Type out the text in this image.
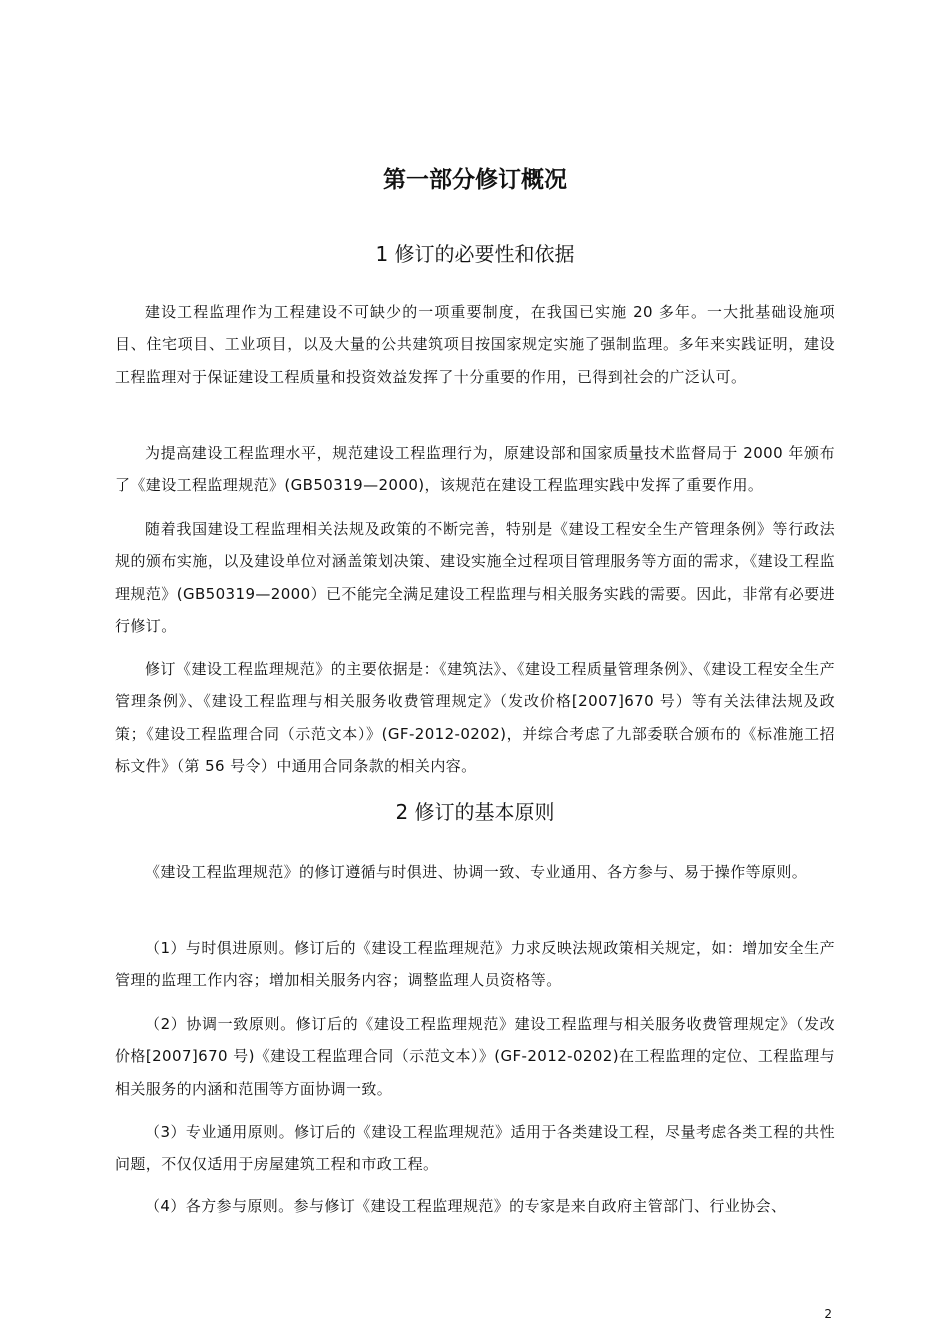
第一部分修订概况
1 修订的必要性和依据

建设工程监理作为工程建设不可缺少的一项重要制度，在我国已实施 20 多年。一大批基础设施项目、住宅项目、工业项目，以及大量的公共建筑项目按国家规定实施了强制监理。多年来实践证明，建设工程监理对于保证建设工程质量和投资效益发挥了十分重要的作用，已得到社会的广泛认可。

为提高建设工程监理水平，规范建设工程监理行为，原建设部和国家质量技术监督局于 2000 年颁布了《建设工程监理规范》(GB50319—2000)，该规范在建设工程监理实践中发挥了重要作用。

随着我国建设工程监理相关法规及政策的不断完善，特别是《建设工程安全生产管理条例》等行政法规的颁布实施，以及建设单位对涵盖策划决策、建设实施全过程项目管理服务等方面的需求，《建设工程监理规范》(GB50319—2000）已不能完全满足建设工程监理与相关服务实践的需要。因此，非常有必要进行修订。

修订《建设工程监理规范》的主要依据是：《建筑法》、《建设工程质量管理条例》、《建设工程安全生产管理条例》、《建设工程监理与相关服务收费管理规定》（发改价格[2007]670 号）等有关法律法规及政策；《建设工程监理合同（示范文本）》(GF-2012-0202)，并综合考虑了九部委联合颁布的《标准施工招标文件》（第 56 号令）中通用合同条款的相关内容。

2 修订的基本原则

《建设工程监理规范》的修订遵循与时俱进、协调一致、专业通用、各方参与、易于操作等原则。

（1）与时俱进原则。修订后的《建设工程监理规范》力求反映法规政策相关规定，如：增加安全生产管理的监理工作内容；增加相关服务内容；调整监理人员资格等。

（2）协调一致原则。修订后的《建设工程监理规范》建设工程监理与相关服务收费管理规定》（发改价格[2007]670 号)《建设工程监理合同（示范文本）》(GF-2012-0202)在工程监理的定位、工程监理与相关服务的内涵和范围等方面协调一致。

（3）专业通用原则。修订后的《建设工程监理规范》适用于各类建设工程，尽量考虑各类工程的共性问题，不仅仅适用于房屋建筑工程和市政工程。

（4）各方参与原则。参与修订《建设工程监理规范》的专家是来自政府主管部门、行业协会、

2
